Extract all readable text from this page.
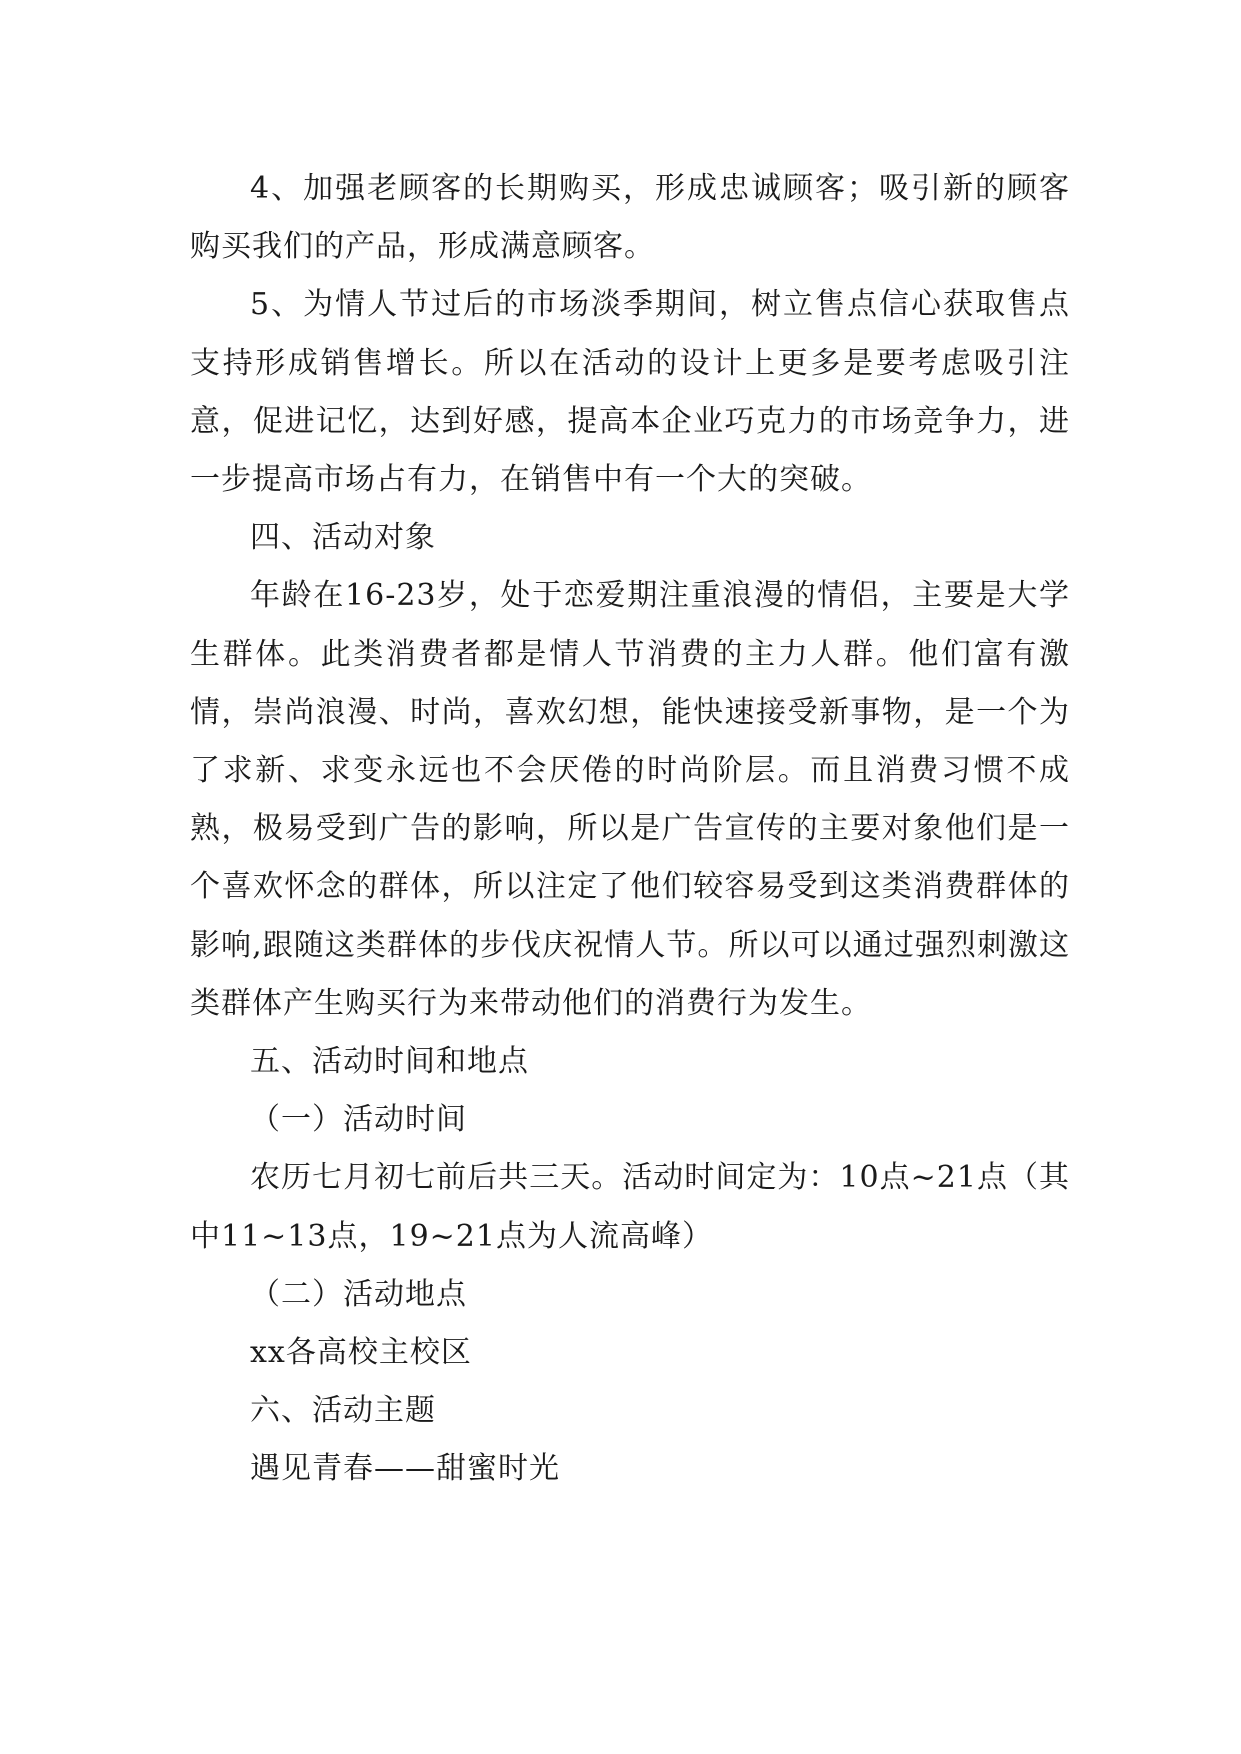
4、加强老顾客的长期购买，形成忠诚顾客；吸引新的顾客购买我们的产品，形成满意顾客。

5、为情人节过后的市场淡季期间，树立售点信心获取售点支持形成销售增长。所以在活动的设计上更多是要考虑吸引注意，促进记忆，达到好感，提高本企业巧克力的市场竞争力，进一步提高市场占有力，在销售中有一个大的突破。

四、活动对象

年龄在16-23岁，处于恋爱期注重浪漫的情侣，主要是大学生群体。此类消费者都是情人节消费的主力人群。他们富有激情，崇尚浪漫、时尚，喜欢幻想，能快速接受新事物，是一个为了求新、求变永远也不会厌倦的时尚阶层。而且消费习惯不成熟，极易受到广告的影响，所以是广告宣传的主要对象他们是一个喜欢怀念的群体，所以注定了他们较容易受到这类消费群体的影响,跟随这类群体的步伐庆祝情人节。所以可以通过强烈刺激这类群体产生购买行为来带动他们的消费行为发生。

五、活动时间和地点

（一）活动时间

农历七月初七前后共三天。活动时间定为：10点~21点（其中11~13点，19~21点为人流高峰）

（二）活动地点

xx各高校主校区

六、活动主题

遇见青春——甜蜜时光
